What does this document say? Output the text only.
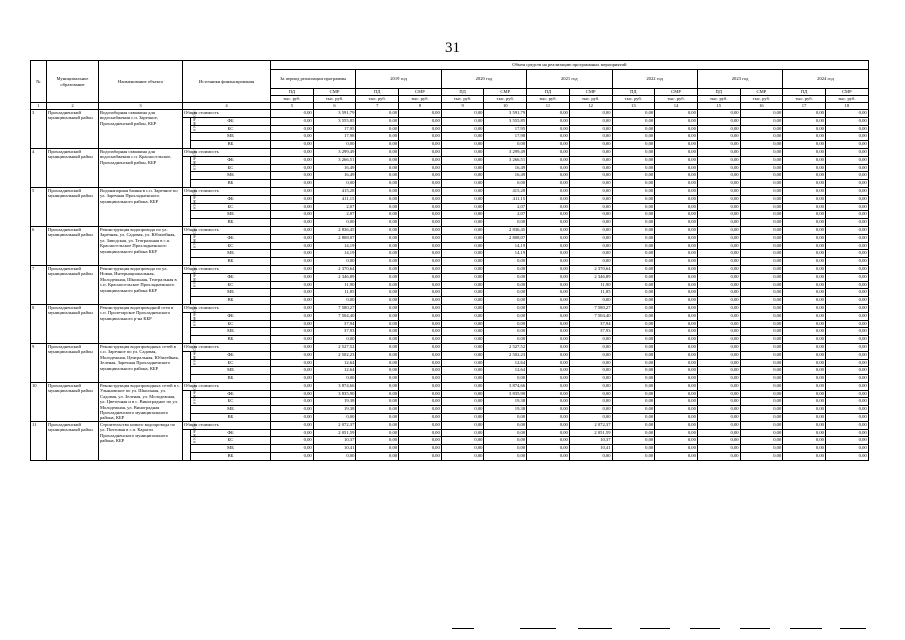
31
№	Муниципальное образование	Наименование объекта	Источники финансирования		Объем средств на реализацию программных мероприятий													
					За период реализации программы		2019 год		2020 год		2021 год		2022 год		2023 год		2024 год	
					ПД	СМР	ПД	СМР	ПД	СМР	ПД	СМР	ПД	СМР	ПД	СМР	ПД	СМР
					тыс. руб.	тыс. руб.	тыс. руб.	тыс. руб.	тыс. руб.	тыс. руб.	тыс. руб.	тыс. руб.	тыс. руб.	тыс. руб.	тыс. руб.	тыс. руб.	тыс. руб.	тыс. руб.
1	2	3	4		5	6	7	8	9	10	11	12	13	14	15	16	17	18
3	Прохладненский муниципальный район	Водозаборная скважина для водоснабжения с.п. Заречное, Прохладненский район, КБР	Общая стоимость		0,00	3 591,79	0,00	0,00	0,00	3 591,79	0,00	0,00	0,00	0,00	0,00	0,00	0,00	0,00
			в том числе:	ФБ	0,00	3 555,85	0,00	0,00	0,00	3 555,85	0,00	0,00	0,00	0,00	0,00	0,00	0,00	0,00
				БС	0,00	17,95	0,00	0,00	0,00	17,95	0,00	0,00	0,00	0,00	0,00	0,00	0,00	0,00
				МБ	0,00	17,98	0,00	0,00	0,00	17,98	0,00	0,00	0,00	0,00	0,00	0,00	0,00	0,00
				ВБ	0,00	0,00	0,00	0,00	0,00	0,00	0,00	0,00	0,00	0,00	0,00	0,00	0,00	0,00
4	Прохладненский муниципальный район	Водозаборная скважина для водоснабжения с.п. Красносельское, Прохладненский район, КБР	Общая стоимость		0,00	3 299,49	0,00	0,00	0,00	3 299,49	0,00	0,00	0,00	0,00	0,00	0,00	0,00	0,00
			в том числе:	ФБ	0,00	3 266,51	0,00	0,00	0,00	3 266,51	0,00	0,00	0,00	0,00	0,00	0,00	0,00	0,00
				БС	0,00	16,49	0,00	0,00	0,00	16,49	0,00	0,00	0,00	0,00	0,00	0,00	0,00	0,00
				МБ	0,00	16,49	0,00	0,00	0,00	16,49	0,00	0,00	0,00	0,00	0,00	0,00	0,00	0,00
				ВБ	0,00	0,00	0,00	0,00	0,00	0,00	0,00	0,00	0,00	0,00	0,00	0,00	0,00	0,00
5	Прохладненский муниципальный район	Водонапорная башня в с.п. Заречное по ул. Заречная Прохладненского муниципального района, КБР	Общая стоимость		0,00	415,28	0,00	0,00	0,00	415,28	0,00	0,00	0,00	0,00	0,00	0,00	0,00	0,00
			в том числе:	ФБ	0,00	411,15	0,00	0,00	0,00	411,15	0,00	0,00	0,00	0,00	0,00	0,00	0,00	0,00
				БС	0,00	2,07	0,00	0,00	0,00	2,07	0,00	0,00	0,00	0,00	0,00	0,00	0,00	0,00
				МБ	0,00	2,07	0,00	0,00	0,00	2,07	0,00	0,00	0,00	0,00	0,00	0,00	0,00	0,00
				ВБ	0,00	0,00	0,00	0,00	0,00	0,00	0,00	0,00	0,00	0,00	0,00	0,00	0,00	0,00
6	Прохладненский муниципальный район	Реконструкция водопровода по ул. Заречная, ул. Садовая, ул. Юбилейная, ул. Заводская, ул. Театральная в с.п. Красносельское Прохладненского муниципального района КБР	Общая стоимость		0,00	2 836,45	0,00	0,00	0,00	2 836,45	0,00	0,00	0,00	0,00	0,00	0,00	0,00	0,00
			в том числе:	ФБ	0,00	2 808,07	0,00	0,00	0,00	2 808,07	0,00	0,00	0,00	0,00	0,00	0,00	0,00	0,00
				БС	0,00	14,19	0,00	0,00	0,00	14,19	0,00	0,00	0,00	0,00	0,00	0,00	0,00	0,00
				МБ	0,00	14,19	0,00	0,00	0,00	14,19	0,00	0,00	0,00	0,00	0,00	0,00	0,00	0,00
				ВБ	0,00	0,00	0,00	0,00	0,00	0,00	0,00	0,00	0,00	0,00	0,00	0,00	0,00	0,00
7	Прохладненский муниципальный район	Реконструкция водопровода по ул. Новая, Интернациональная, Молодежная, Школьная, Театральная в с.п. Красносельское Прохладненского муниципального района КБР	Общая стоимость		0,00	2 370,64	0,00	0,00	0,00	0,00	0,00	2 370,64	0,00	0,00	0,00	0,00	0,00	0,00
			в том числе:	ФБ	0,00	2 346,89	0,00	0,00	0,00	0,00	0,00	2 346,89	0,00	0,00	0,00	0,00	0,00	0,00
				БС	0,00	11,90	0,00	0,00	0,00	0,00	0,00	11,90	0,00	0,00	0,00	0,00	0,00	0,00
				МБ	0,00	11,85	0,00	0,00	0,00	0,00	0,00	11,85	0,00	0,00	0,00	0,00	0,00	0,00
				ВБ	0,00	0,00	0,00	0,00	0,00	0,00	0,00	0,00	0,00	0,00	0,00	0,00	0,00	0,00
8	Прохладненский муниципальный район	Реконструкция водопроводной сети в с.п. Пролетарское Прохладненского муниципального р-на КБР	Общая стоимость		0,00	7 580,27	0,00	0,00	0,00	0,00	0,00	7 580,27	0,00	0,00	0,00	0,00	0,00	0,00
			в том числе:	ФБ	0,00	7 504,40	0,00	0,00	0,00	0,00	0,00	7 504,40	0,00	0,00	0,00	0,00	0,00	0,00
				БС	0,00	37,94	0,00	0,00	0,00	0,00	0,00	37,94	0,00	0,00	0,00	0,00	0,00	0,00
				МБ	0,00	37,93	0,00	0,00	0,00	0,00	0,00	37,93	0,00	0,00	0,00	0,00	0,00	0,00
				ВБ	0,00	0,00	0,00	0,00	0,00	0,00	0,00	0,00	0,00	0,00	0,00	0,00	0,00	0,00
9	Прохладненский муниципальный район	Реконструкция водопроводных сетей в с.п. Заречное по ул. Садовая, Молодежная, Центральная, Юбилейная, Зеленая, Заречная Прохладненского муниципального района, КБР	Общая стоимость		0,00	2 527,52	0,00	0,00	0,00	2 527,52	0,00	0,00	0,00	0,00	0,00	0,00	0,00	0,00
			в том числе:	ФБ	0,00	2 502,23	0,00	0,00	0,00	2 502,23	0,00	0,00	0,00	0,00	0,00	0,00	0,00	0,00
				БС	0,00	12,64	0,00	0,00	0,00	12,64	0,00	0,00	0,00	0,00	0,00	0,00	0,00	0,00
				МБ	0,00	12,64	0,00	0,00	0,00	12,64	0,00	0,00	0,00	0,00	0,00	0,00	0,00	0,00
				ВБ	0,00	0,00	0,00	0,00	0,00	0,00	0,00	0,00	0,00	0,00	0,00	0,00	0,00	0,00
10	Прохладненский муниципальный район	Реконструкция водопроводных сетей в с. Ульяновское по ул. Школьная, ул. Садовая, ул. Зеленая, ул. Молодежная, ул. Цветочная и в с. Виноградное по ул. Молодежная, ул. Виноградная Прохладненского муниципального района, КБР	Общая стоимость		0,00	3 874,66	0,00	0,00	0,00	3 874,66	0,00	0,00	0,00	0,00	0,00	0,00	0,00	0,00
			в том числе:	ФБ	0,00	3 835,90	0,00	0,00	0,00	3 835,90	0,00	0,00	0,00	0,00	0,00	0,00	0,00	0,00
				БС	0,00	19,38	0,00	0,00	0,00	19,38	0,00	0,00	0,00	0,00	0,00	0,00	0,00	0,00
				МБ	0,00	19,38	0,00	0,00	0,00	19,38	0,00	0,00	0,00	0,00	0,00	0,00	0,00	0,00
				ВБ	0,00	0,00	0,00	0,00	0,00	0,00	0,00	0,00	0,00	0,00	0,00	0,00	0,00	0,00
11	Прохладненский муниципальный район	Строительство нового водопровода по ул. Почтовая в с.п. Карагач Прохладненского муниципального района, КБР	Общая стоимость		0,00	2 072,37	0,00	0,00	0,00	0,00	0,00	2 072,37	0,00	0,00	0,00	0,00	0,00	0,00
			в том числе:	ФБ	0,00	2 051,59	0,00	0,00	0,00	0,00	0,00	2 051,59	0,00	0,00	0,00	0,00	0,00	0,00
				БС	0,00	10,37	0,00	0,00	0,00	0,00	0,00	10,37	0,00	0,00	0,00	0,00	0,00	0,00
				МБ	0,00	10,41	0,00	0,00	0,00	0,00	0,00	10,41	0,00	0,00	0,00	0,00	0,00	0,00
				ВБ	0,00	0,00	0,00	0,00	0,00	0,00	0,00	0,00	0,00	0,00	0,00	0,00	0,00	0,00
